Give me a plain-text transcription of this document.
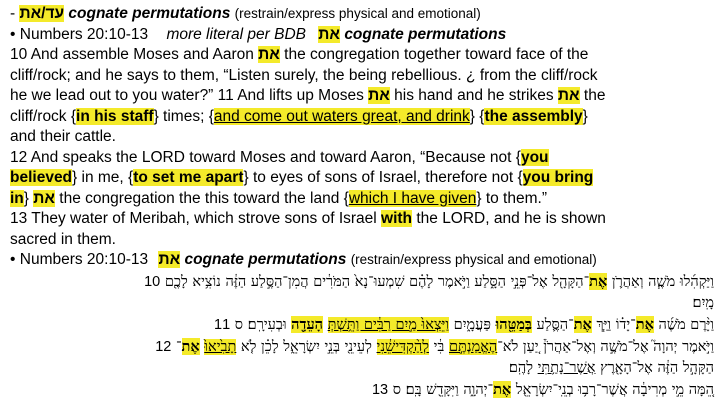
- עד/את cognate permutations (restrain/express physical and emotional)
• Numbers 20:10-13 more literal per BDB את cognate permutations
10 And assemble Moses and Aaron את the congregation together toward face of the
cliff/rock; and he says to them, “Listen surely, the being rebellious. ¿ from the cliff/rock
he we lead out to you water?” 11 And lifts up Moses את his hand and he strikes את the
cliff/rock {in his staff} times; {and come out waters great, and drink} {the assembly}
and their cattle.
12 And speaks the LORD toward Moses and toward Aaron, “Because not {you
believed} in me, {to set me apart} to eyes of sons of Israel, therefore not {you bring
in} את the congregation the this toward the land {which I have given} to them.”
13 They water of Meribah, which strove sons of Israel with the LORD, and he is shown
sacred in them.
• Numbers 20:10-13 את cognate permutations (restrain/express physical and emotional)
וַיַּקְהִ֜לוּ מֹשֶׁ֧ה וְאַהֲרֹ֛ן אֶת־הַקָּהָ֖ל אֶל־פְּנֵ֣י הַסָּ֑לַע וַיֹּ֣אמֶר לָהֶ֗ם שִׁמְעוּ־נָא֙ הַמֹּרִ֔ים הֲמִן־הַסֶּ֣לַע הַזֶּ֔ה נוֹצִ֥יא לָכֶ֖ם 10
מָֽיִם׃
וַיָּ֨רֶם מֹשֶׁ֜ה אֶת־יָד֗וֹ וַיַּ֧ךְ אֶת־הַסֶּ֛לַע בְּמַטֵּ֖הוּ פַּעֲמָ֑יִם וַיֵּצְאוּ֙ מַ֣יִם רַבִּ֔ים וַתֵּ֥שְׁתְּ הָעֵדָ֖ה וּבְעִירָֽם׃ ס 11
וַיֹּ֣אמֶר יְהוָה֮ אֶל־מֹשֶׁ֣ה וְאֶל־אַהֲרֹן֒ יַ֚עַן לֹא־הֶאֱמַנְתֶּ֣ם בִּ֔י לְהַ֨קְדִּישֵׁ֔נִי לְעֵינֵ֖י בְּנֵ֣י יִשְׂרָאֵ֑ל לָכֵ֗ן לֹ֤א תָבִ֙יאוּ֙ אֶת־ 12
הַקָּהָ֣ל הַזֶּ֔ה אֶל־הָאָ֖רֶץ אֲשֶׁר־נָתַ֥תִּי לָהֶֽם׃
הֵ֚מָּה מֵ֣י מְרִיבָ֔ה אֲשֶׁר־רָב֥וּ בְנֵֽי־יִשְׂרָאֵ֖ל אֶת־יְהוָ֑ה וַיִּקָּדֵ֖שׁ בָּֽם׃ ס 13
